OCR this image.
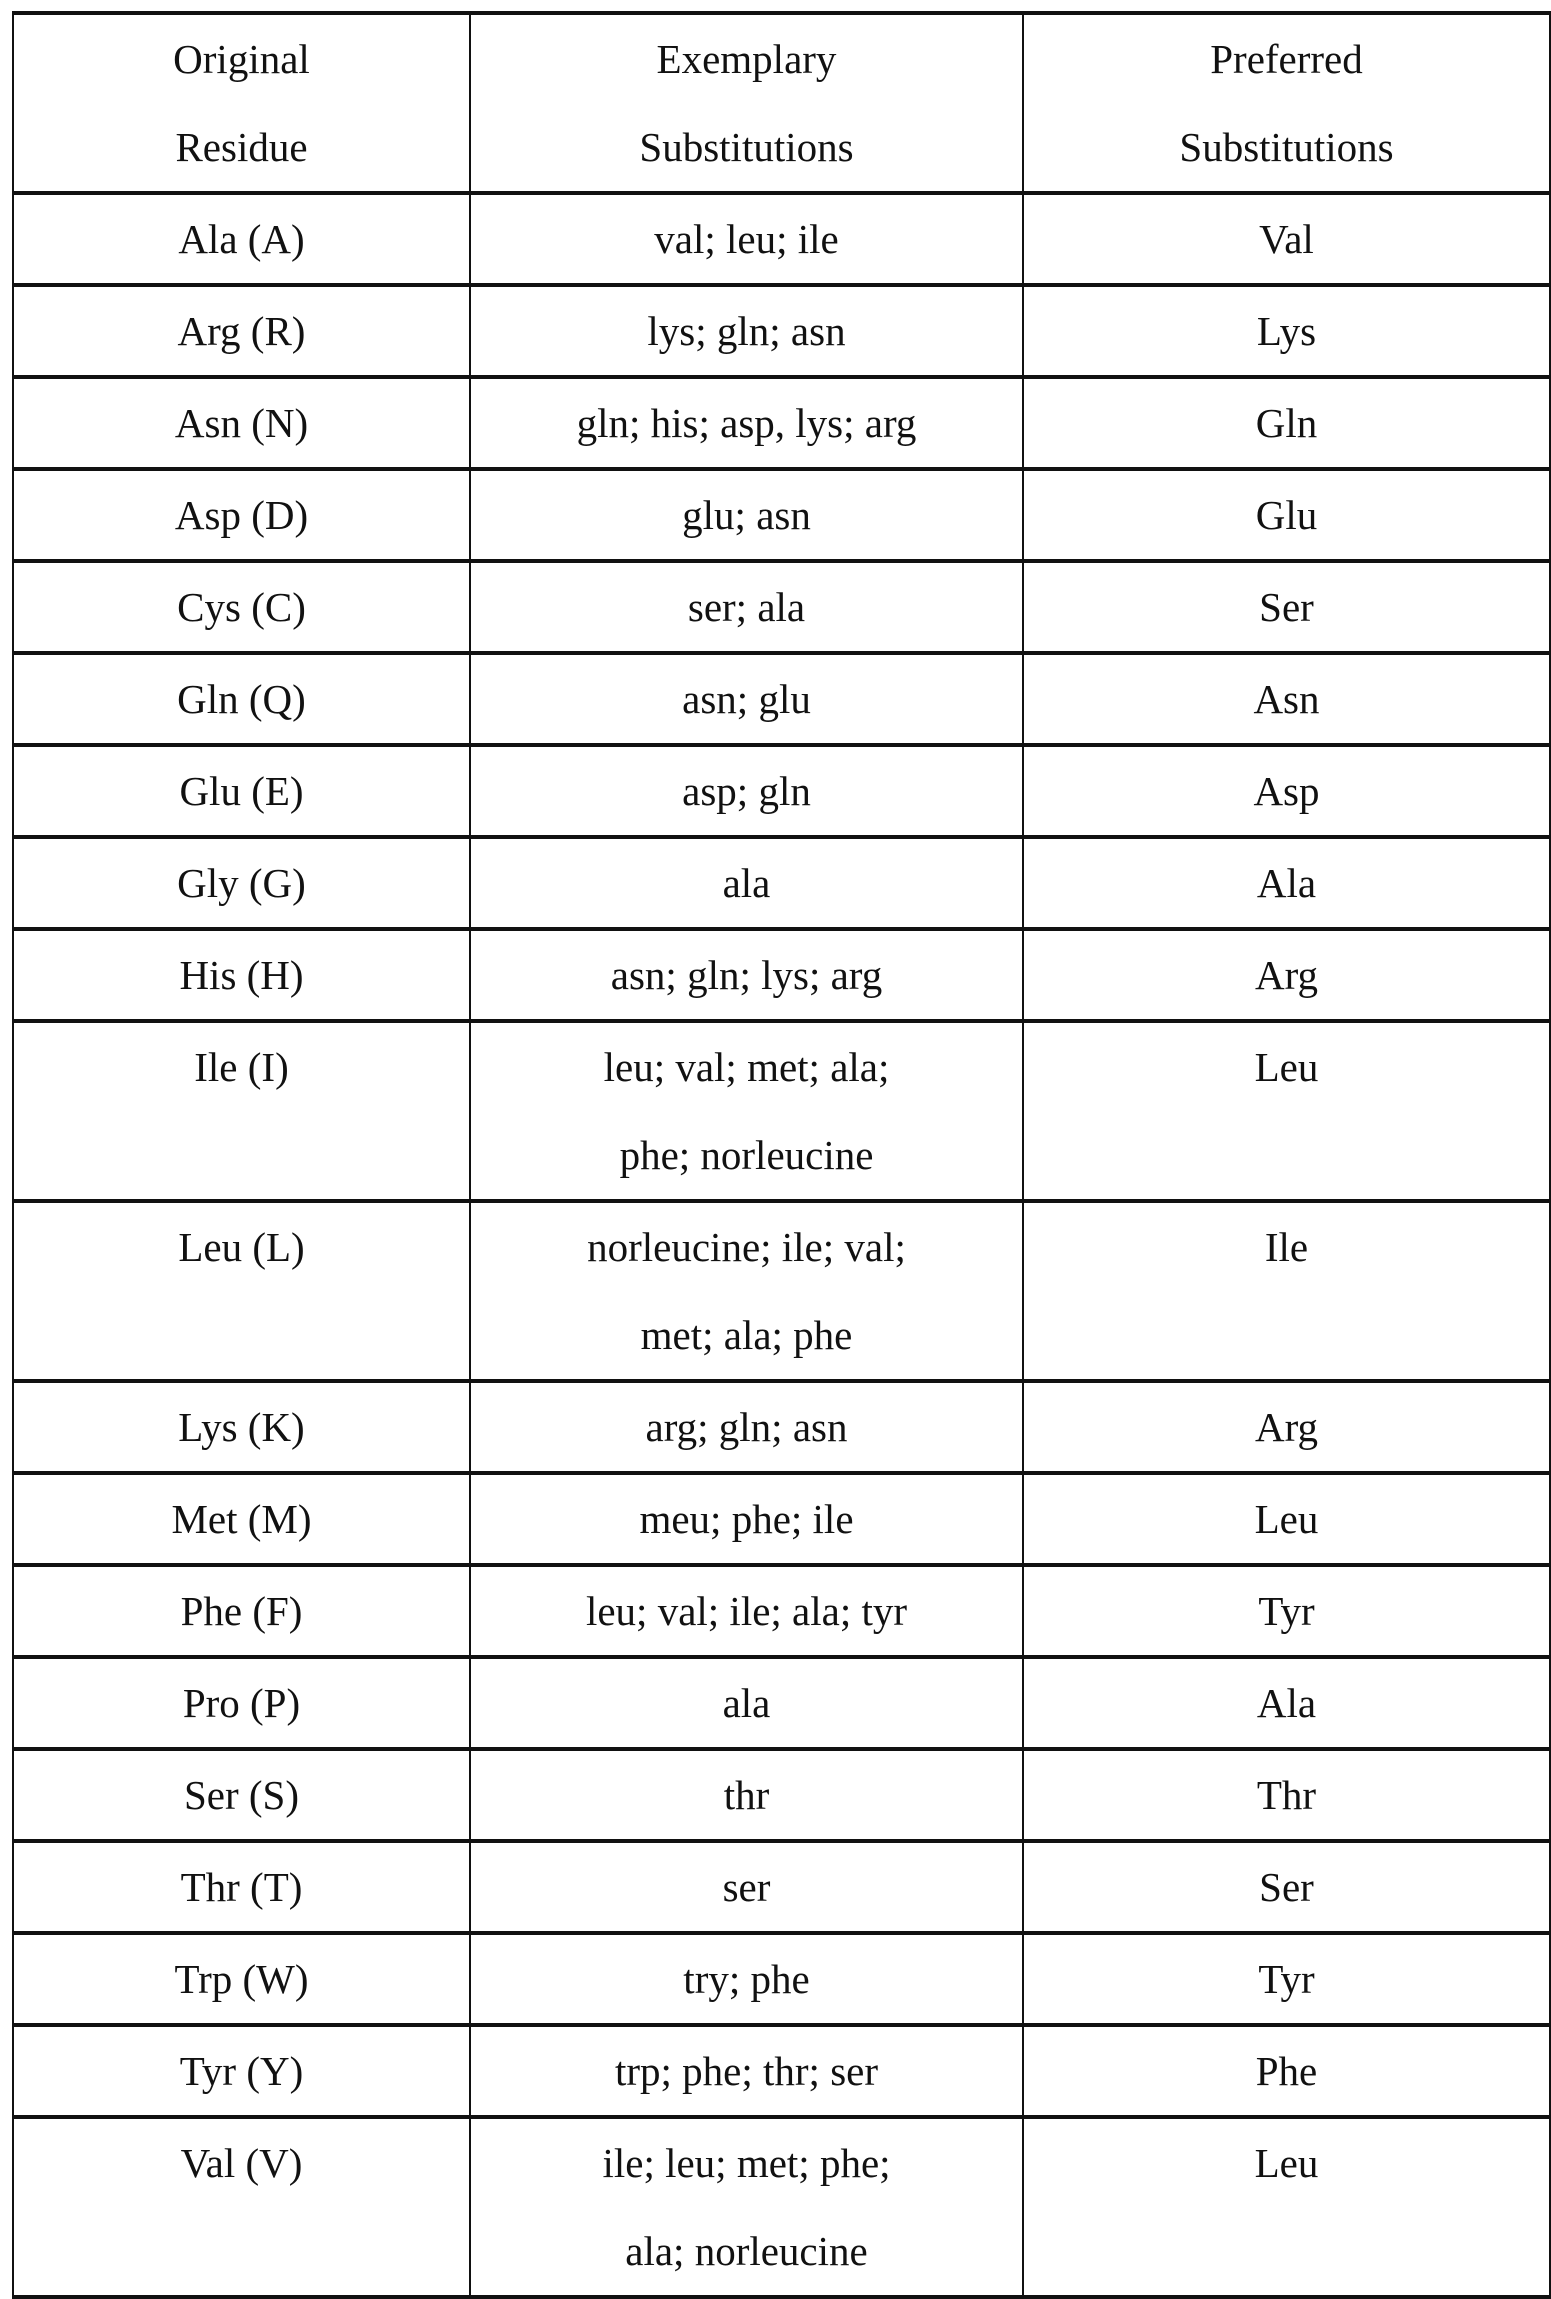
Original
Residue

Exemplary
Substitutions

Preferred
Substitutions

Ala (A)	val; leu; ile	Val

Arg (R)	lys; gln; asn	Lys

Asn (N)	gln; his; asp, lys; arg	Gln

Asp (D)	glu; asn	Glu

Cys (C)	ser; ala	Ser

Gln (Q)	asn; glu	Asn

Glu (E)	asp; gln	Asp

Gly (G)	ala	Ala

His (H)	asn; gln; lys; arg	Arg

Ile (I)	leu; val; met; ala;
phe; norleucine

Leu

Leu (L)	norleucine; ile; val;
met; ala; phe

Ile

Lys (K)	arg; gln; asn	Arg

Met (M)	meu; phe; ile	Leu

Phe (F)	leu; val; ile; ala; tyr	Tyr

Pro (P)	ala	Ala

Ser (S)	thr	Thr

Thr (T)	ser	Ser

Trp (W)	try; phe	Tyr

Tyr (Y)	trp; phe; thr; ser	Phe

Val (V)	ile; leu; met; phe;
ala; norleucine

Leu
